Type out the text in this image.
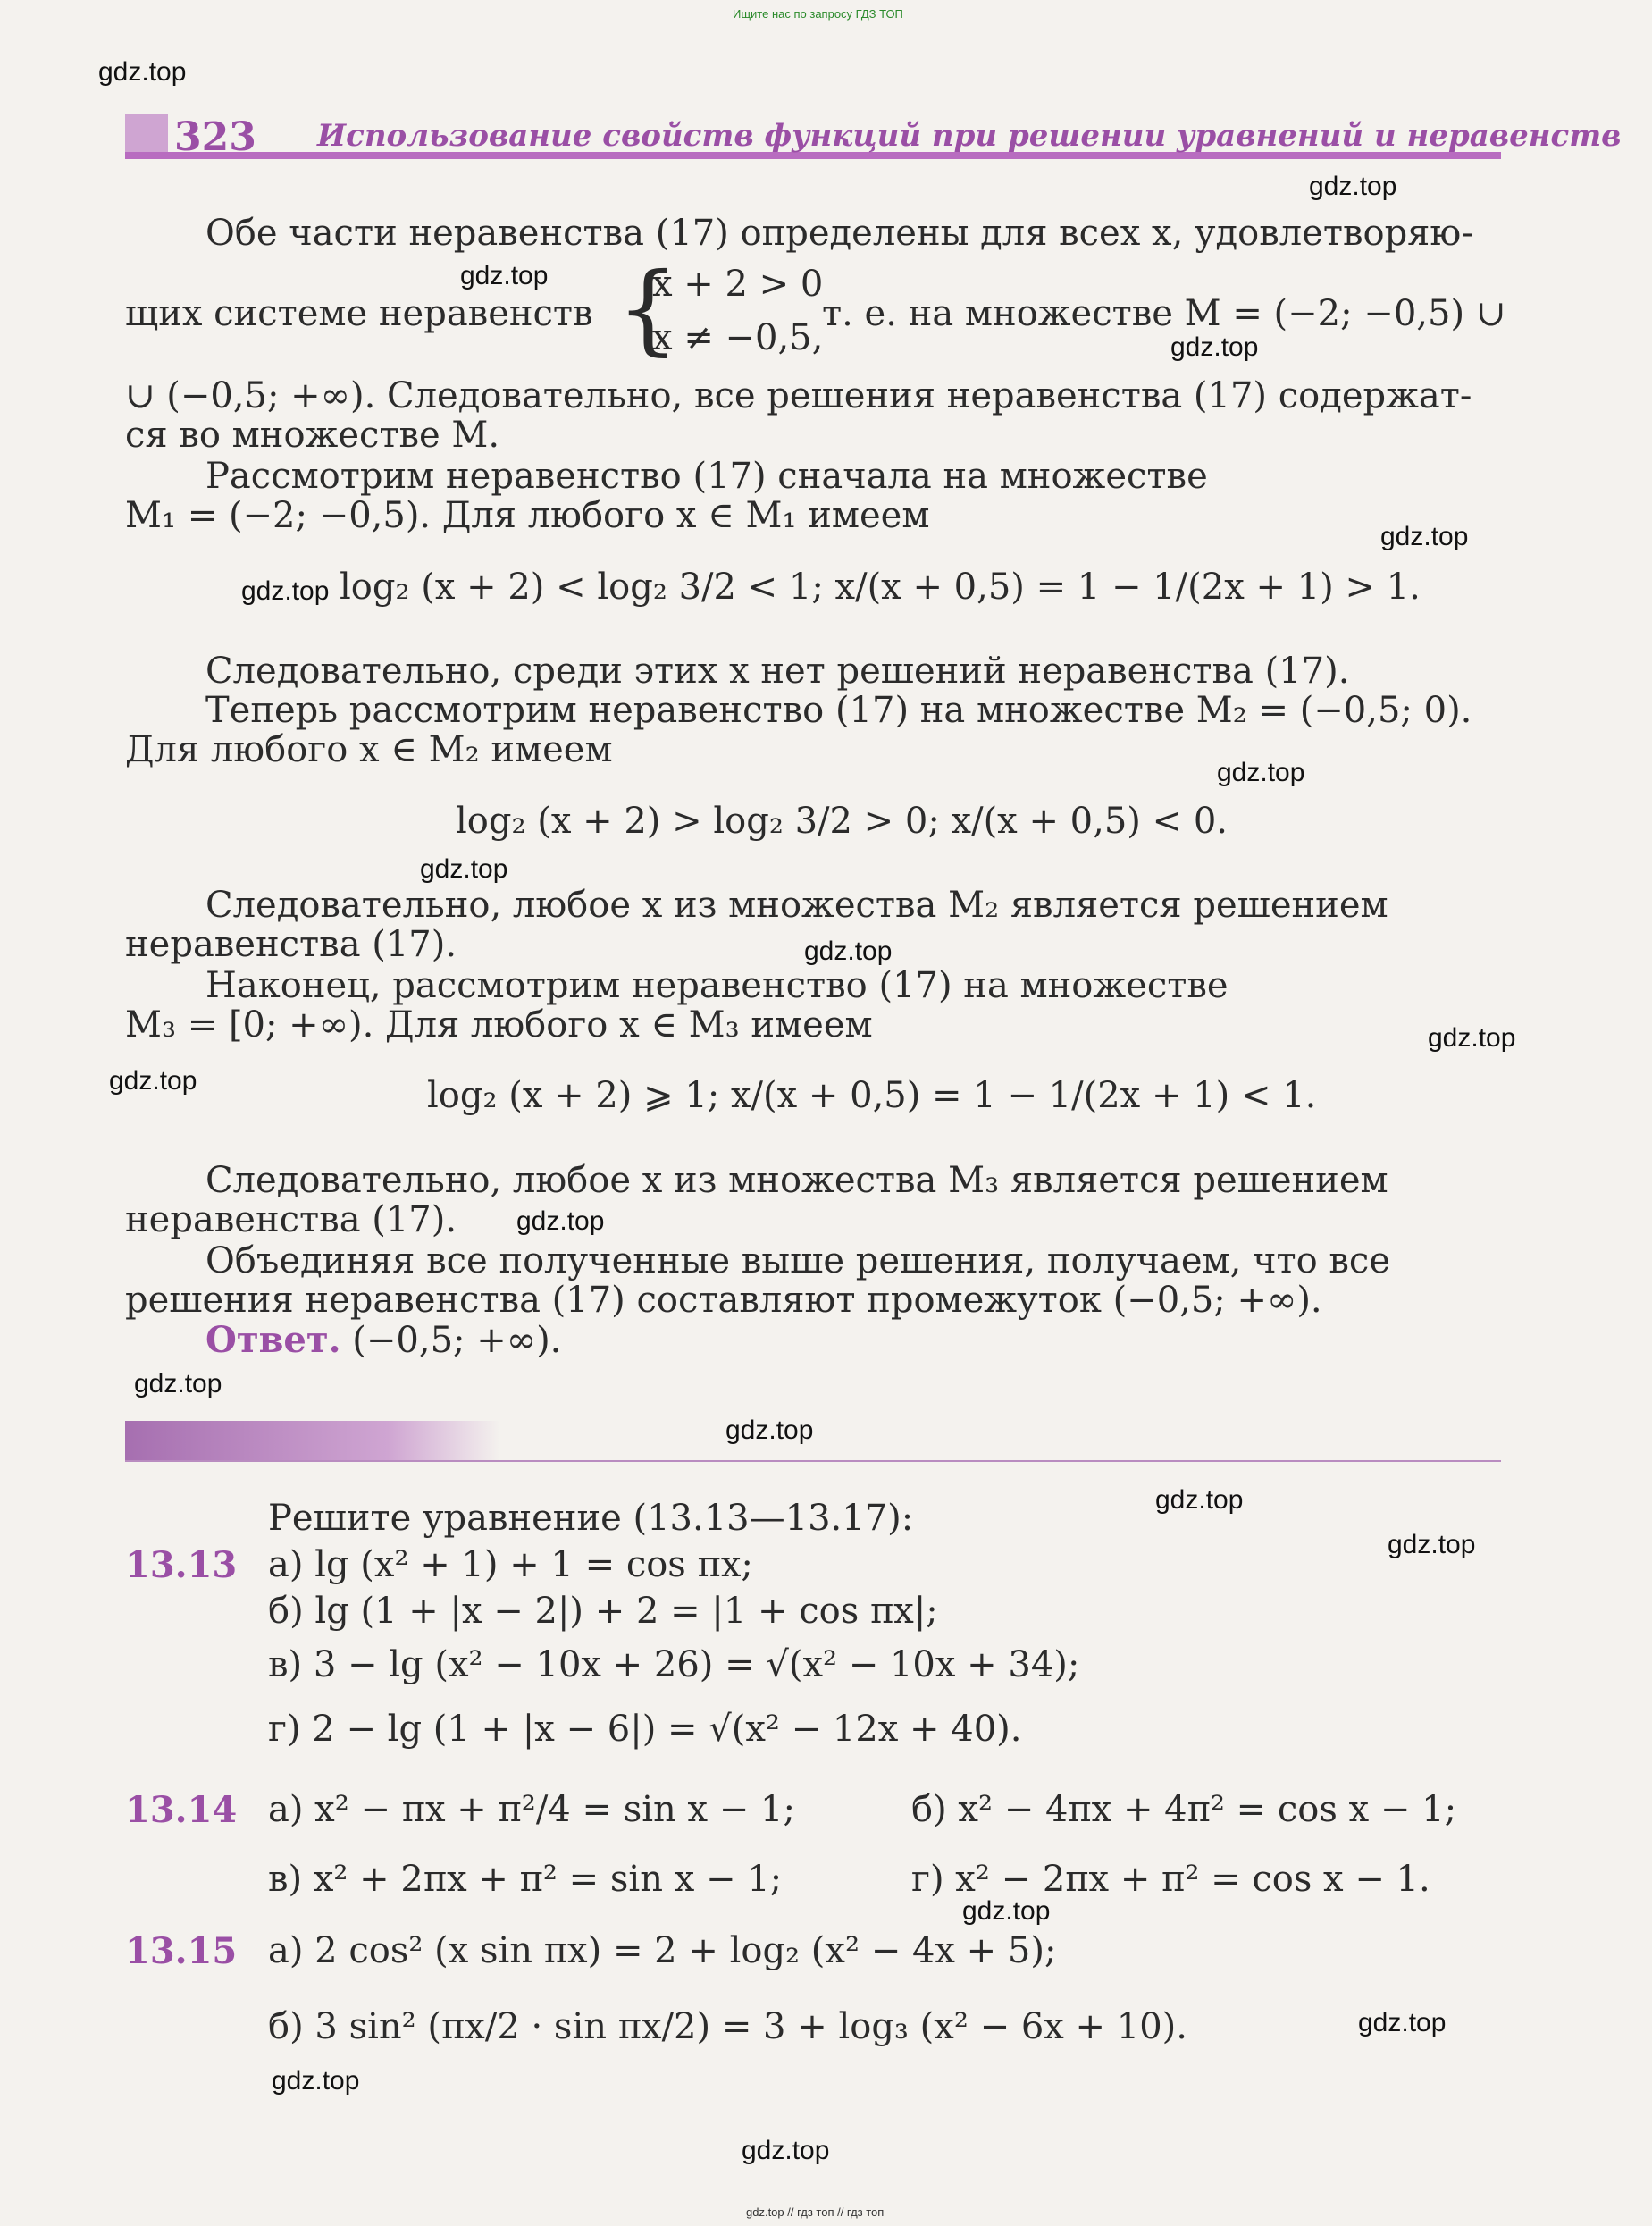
Ищите нас по запросу ГДЗ ТОП
gdz.top // гдз топ // гдз топ
gdz.top
gdz.top
gdz.top
gdz.top
gdz.top
gdz.top
gdz.top
gdz.top
gdz.top
gdz.top
gdz.top
gdz.top
gdz.top
gdz.top
gdz.top
gdz.top
gdz.top
gdz.top
gdz.top
gdz.top
323 Использование свойств функций при решении уравнений и неравенств
Обе части неравенства (17) определены для всех x, удовлетворяю-
щих системе неравенств {
x + 2 > 0
x ≠ −0,5,
т. е. на множестве M = (−2; −0,5) ∪
∪ (−0,5; +∞). Следовательно, все решения неравенства (17) содержат-
ся во множестве M.
Рассмотрим неравенство (17) сначала на множестве
M₁ = (−2; −0,5). Для любого x ∈ M₁ имеем
log₂ (x + 2) < log₂ 3/2 < 1; x/(x + 0,5) = 1 − 1/(2x + 1) > 1.
Следовательно, среди этих x нет решений неравенства (17).
Теперь рассмотрим неравенство (17) на множестве M₂ = (−0,5; 0).
Для любого x ∈ M₂ имеем
log₂ (x + 2) > log₂ 3/2 > 0; x/(x + 0,5) < 0.
Следовательно, любое x из множества M₂ является решением
неравенства (17).
Наконец, рассмотрим неравенство (17) на множестве
M₃ = [0; +∞). Для любого x ∈ M₃ имеем
log₂ (x + 2) ⩾ 1; x/(x + 0,5) = 1 − 1/(2x + 1) < 1.
Следовательно, любое x из множества M₃ является решением
неравенства (17).
Объединяя все полученные выше решения, получаем, что все
решения неравенства (17) составляют промежуток (−0,5; +∞).
Ответ. (−0,5; +∞).
Решите уравнение (13.13—13.17):
13.13 а) lg (x² + 1) + 1 = cos πx;
б) lg (1 + |x − 2|) + 2 = |1 + cos πx|;
в) 3 − lg (x² − 10x + 26) = √(x² − 10x + 34);
г) 2 − lg (1 + |x − 6|) = √(x² − 12x + 40).
13.14 а) x² − πx + π²/4 = sin x − 1;	б) x² − 4πx + 4π² = cos x − 1;
в) x² + 2πx + π² = sin x − 1;	г) x² − 2πx + π² = cos x − 1.
13.15 а) 2 cos² (x sin πx) = 2 + log₂ (x² − 4x + 5);
б) 3 sin² (πx/2 · sin πx/2) = 3 + log₃ (x² − 6x + 10).
